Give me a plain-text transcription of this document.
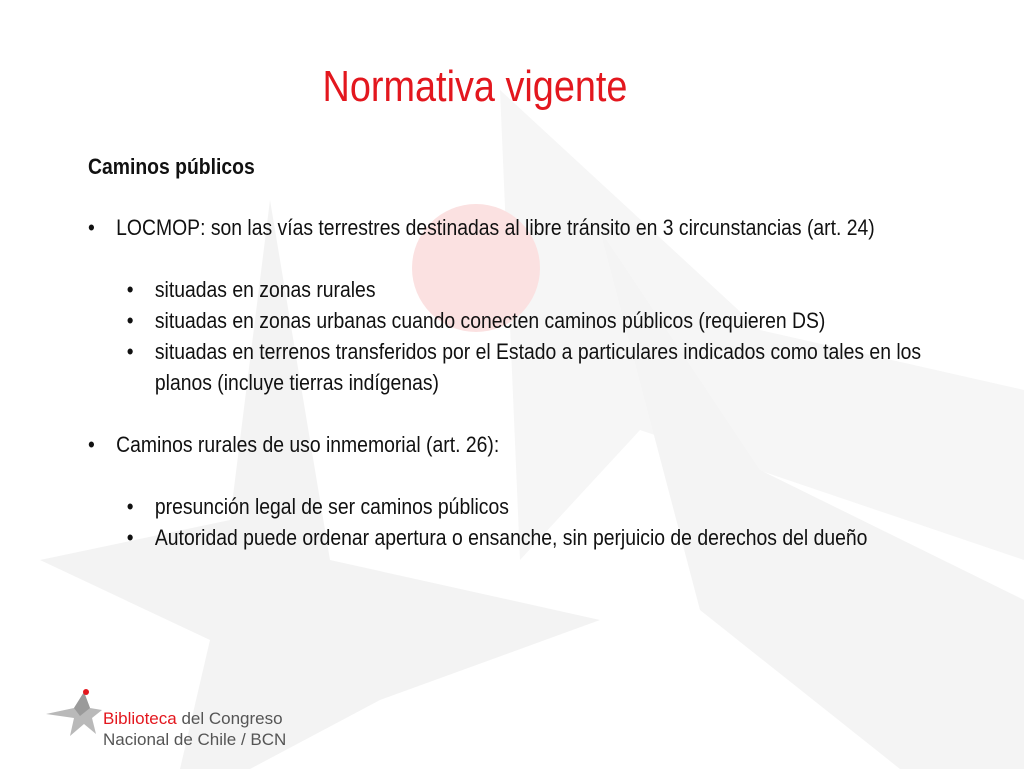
Normativa vigente
Caminos públicos
• LOCMOP: son las vías terrestres destinadas al libre tránsito en 3 circunstancias (art. 24)
• situadas en zonas rurales
• situadas en zonas urbanas cuando conecten caminos públicos (requieren DS)
• situadas en terrenos transferidos por el Estado a particulares indicados como tales en los planos (incluye tierras indígenas)
• Caminos rurales de uso inmemorial (art. 26):
• presunción legal de ser caminos públicos
• Autoridad puede ordenar apertura o ensanche, sin perjuicio de derechos del dueño
Biblioteca del Congreso
Nacional de Chile / BCN
